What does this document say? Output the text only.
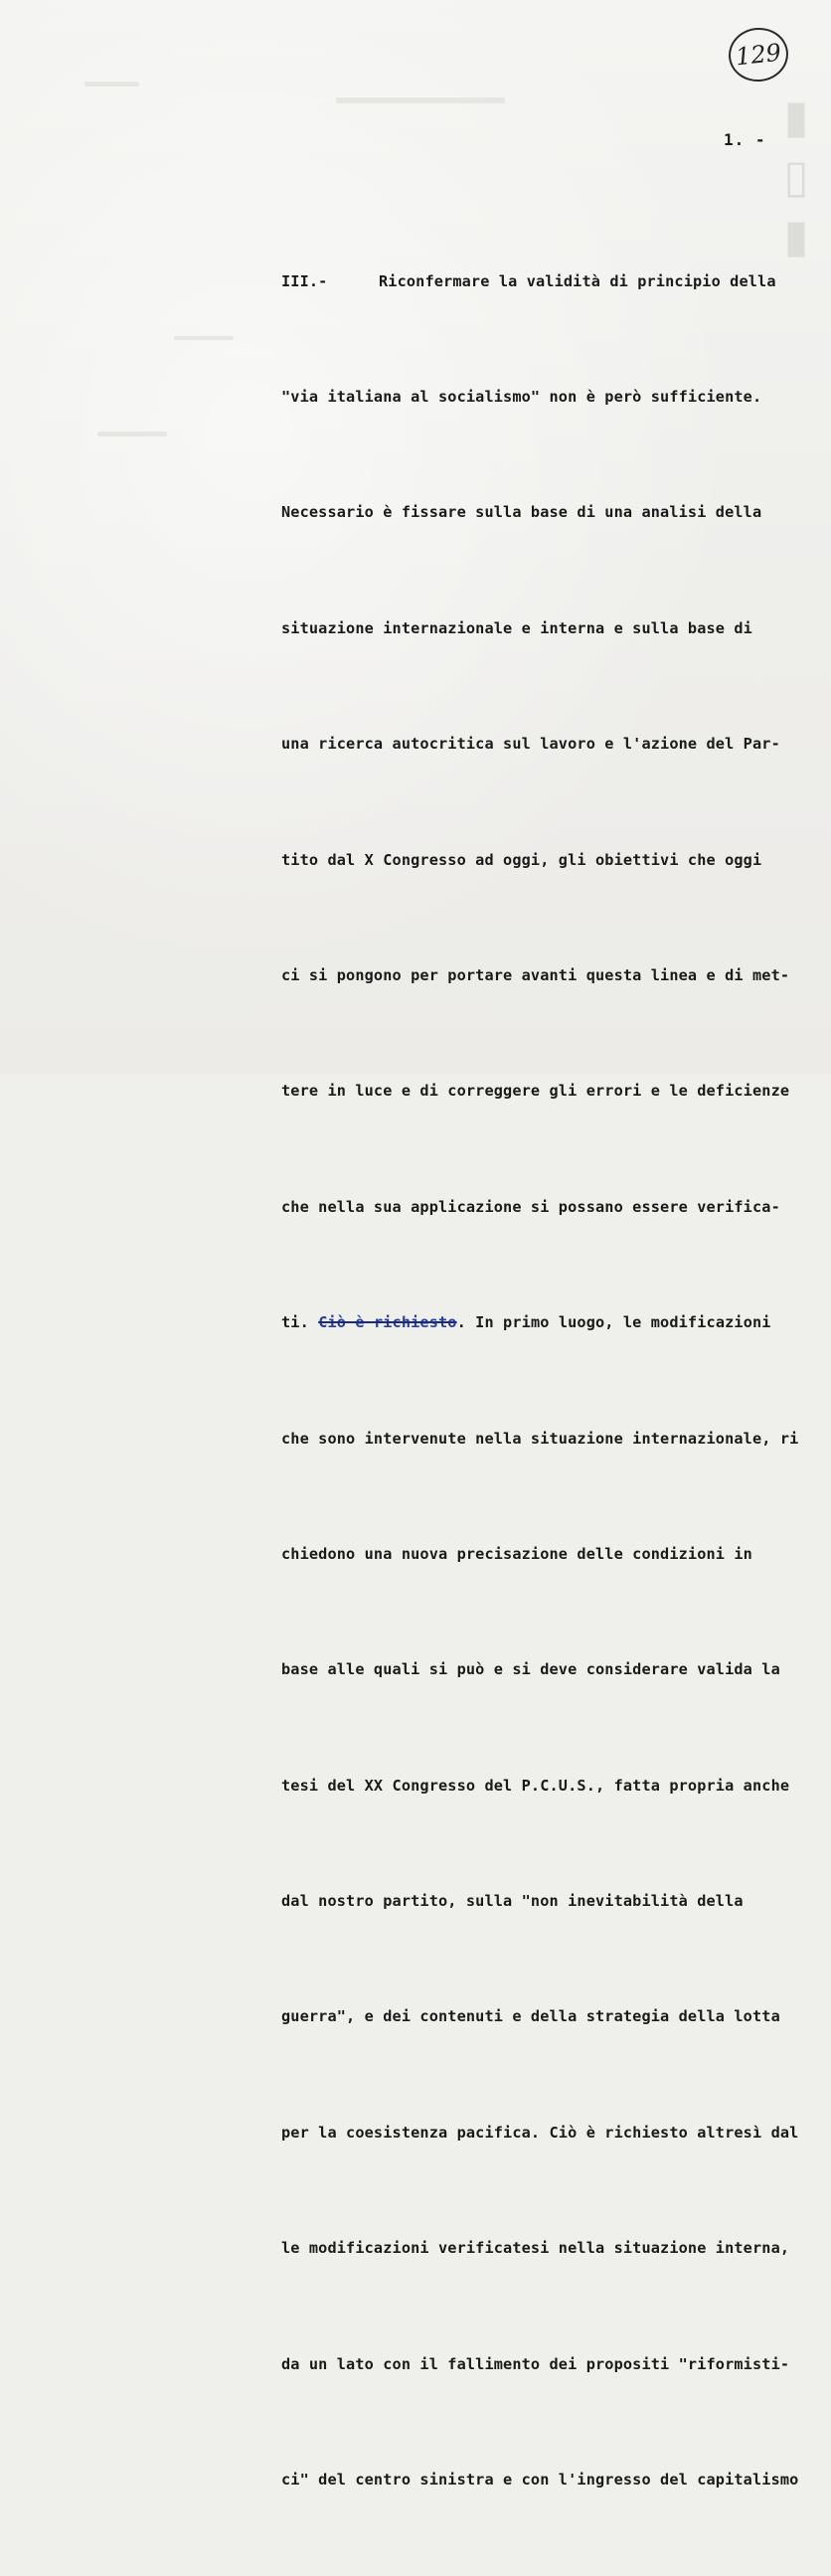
▮▯▮
129
1. -

III.-	Riconfermare la validità di principio della

"via italiana al socialismo" non è però sufficiente.

Necessario è fissare sulla base di una analisi della

situazione internazionale e interna e sulla base di

una ricerca autocritica sul lavoro e l'azione del Par-

tito dal X Congresso ad oggi, gli obiettivi che oggi

ci si pongono per portare avanti questa linea e di met-

tere in luce e di correggere gli errori e le deficienze

che nella sua applicazione si possano essere verifica-

ti. Ciò è richiesto. In primo luogo, le modificazioni

che sono intervenute nella situazione internazionale, ri

chiedono una nuova precisazione delle condizioni in

base alle quali si può e si deve considerare valida la

tesi del XX Congresso del P.C.U.S., fatta propria anche

dal nostro partito, sulla "non inevitabilità della

guerra", e dei contenuti e della strategia della lotta

per la coesistenza pacifica. Ciò è richiesto altresì dal

le modificazioni verificatesi nella situazione interna,

da un lato con il fallimento dei propositi "riformisti-

ci" del centro sinistra e con l'ingresso del capitalismo
